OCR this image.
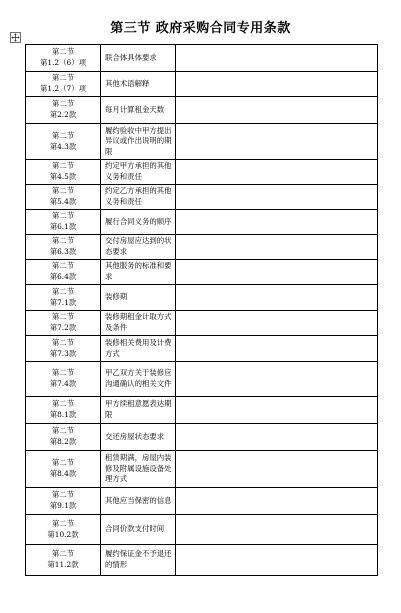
第三节 政府采购合同专用条款
第二节
第1.2（6）项	联合体具体要求	

第二节
第1.2（7）项	其他术语解释	

第二节
第2.2款	每月计算租金天数	

第二节
第4.3款	履约验收中甲方提出异议或作出说明的期限	

第二节
第4.5款	约定甲方承担的其他义务和责任	

第二节
第5.4款	约定乙方承担的其他义务和责任	

第二节
第6.1款	履行合同义务的顺序	

第二节
第6.3款	交付房屋应达到的状态要求	

第二节
第6.4款	其他服务的标准和要求	

第二节
第7.1款	装修期	

第二节
第7.2款	装修期租金计取方式及条件	

第二节
第7.3款	装修相关费用及计费方式	

第二节
第7.4款	甲乙双方关于装修应沟通确认的相关文件	

第二节
第8.1款	甲方续租意愿表达期限	

第二节
第8.2款	交还房屋状态要求	

第二节
第8.4款	租赁期满，房屋内装修及附属设施设备处理方式	

第二节
第9.1款	其他应当保密的信息	

第二节
第10.2款	合同价款支付时间	

第二节
第11.2款	履约保证金不予退还的情形	
